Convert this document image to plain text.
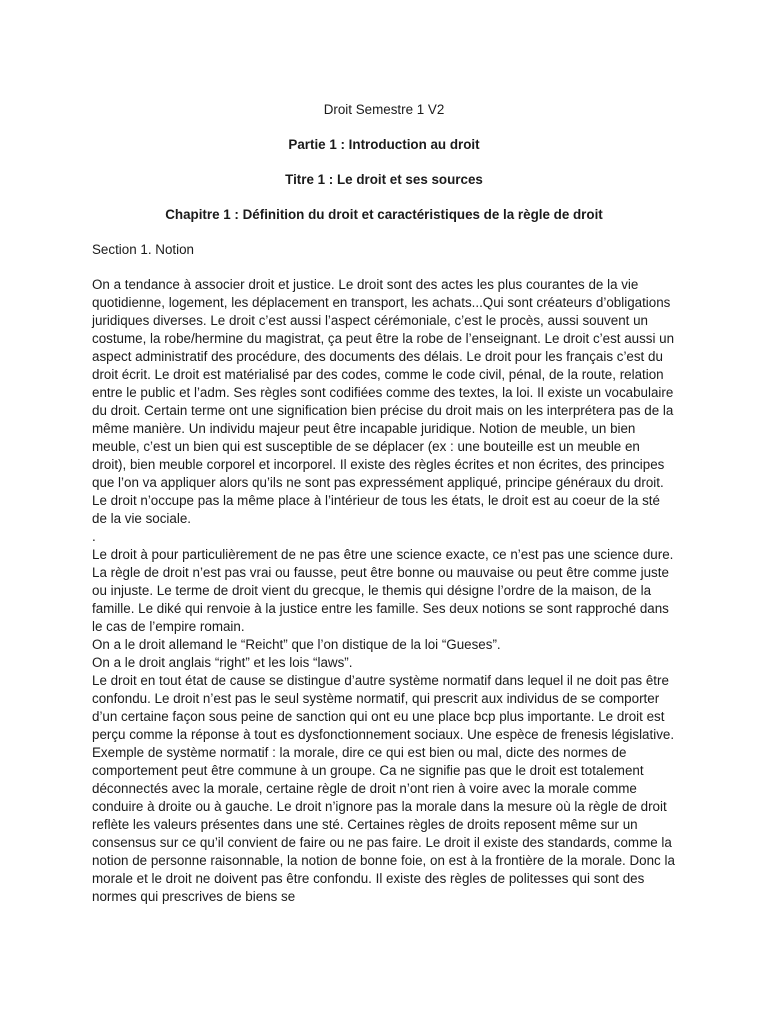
Droit Semestre 1 V2
Partie 1 : Introduction au droit
Titre 1 : Le droit et ses sources
Chapitre 1 : Définition du droit et caractéristiques de la règle de droit
Section 1. Notion

On a tendance à associer droit et justice. Le droit sont des actes les plus courantes de la vie quotidienne, logement, les déplacement en transport, les achats...Qui sont créateurs d’obligations juridiques diverses. Le droit c’est aussi l’aspect cérémoniale, c’est le procès, aussi souvent un costume, la robe/hermine du magistrat, ça peut être la robe de l’enseignant. Le droit c’est aussi un aspect administratif des procédure, des documents des délais. Le droit pour les français c’est du droit écrit. Le droit est matérialisé par des codes, comme le code civil, pénal, de la route, relation entre le public et l’adm. Ses règles sont codifiées comme des textes, la loi. Il existe un vocabulaire du droit. Certain terme ont une signification bien précise du droit mais on les interprétera pas de la même manière. Un individu majeur peut être incapable juridique. Notion de meuble, un bien meuble, c’est un bien qui est susceptible de se déplacer (ex : une bouteille est un meuble en droit), bien meuble corporel et incorporel. Il existe des règles écrites et non écrites, des principes que l’on va appliquer alors qu’ils ne sont pas expressément appliqué, principe généraux du droit. Le droit n’occupe pas la même place à l’intérieur de tous les états, le droit est au coeur de la sté de la vie sociale.

.

Le droit à pour particulièrement de ne pas être une science exacte, ce n’est pas une science dure. La règle de droit n’est pas vrai ou fausse, peut être bonne ou mauvaise ou peut être comme juste ou injuste. Le terme de droit vient du grecque, le themis qui désigne l’ordre de la maison, de la famille. Le diké qui renvoie à la justice entre les famille. Ses deux notions se sont rapproché dans le cas de l’empire romain.

On a le droit allemand le “Reicht” que l’on distique de la loi “Gueses”.

On a le droit anglais “right” et les lois “laws”.

Le droit en tout état de cause se distingue d’autre système normatif dans lequel il ne doit pas être confondu. Le droit n’est pas le seul système normatif, qui prescrit aux individus de se comporter d’un certaine façon sous peine de sanction qui ont eu une place bcp plus importante. Le droit est perçu comme la réponse à tout es dysfonctionnement sociaux. Une espèce de frenesis législative.

Exemple de système normatif : la morale, dire ce qui est bien ou mal, dicte des normes de comportement peut être commune à un groupe. Ca ne signifie pas que le droit est totalement déconnectés avec la morale, certaine règle de droit n’ont rien à voire avec la morale comme conduire à droite ou à gauche. Le droit n’ignore pas la morale dans la mesure où la règle de droit reflète les valeurs présentes dans une sté. Certaines règles de droits reposent même sur un consensus sur ce qu’il convient de faire ou ne pas faire. Le droit il existe des standards, comme la notion de personne raisonnable, la notion de bonne foie, on est à la frontière de la morale. Donc la morale et le droit ne doivent pas être confondu. Il existe des règles de politesses qui sont des normes qui prescrives de biens se
